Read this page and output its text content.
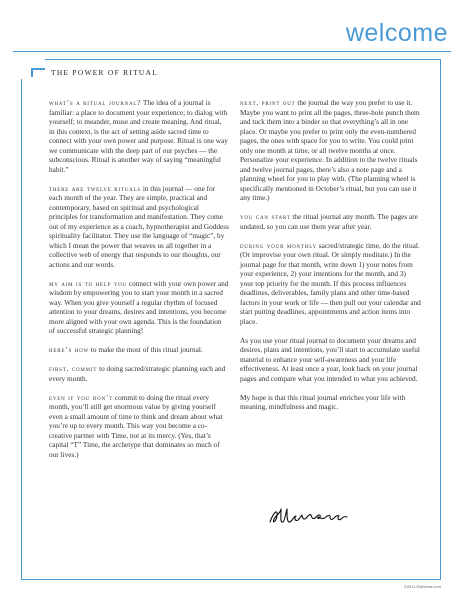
welcome
THE POWER OF RITUAL

what’s a ritual journal? The idea of a journal is familiar: a place to document your experience; to dialog with yourself; to meander, muse and create meaning. And ritual, in this context, is the act of setting aside sacred time to connect with your own power and purpose. Ritual is one way we communicate with the deep part of our psyches — the subconscious. Ritual is another way of saying “meaningful habit.”

there are twelve rituals in this journal — one for each month of the year. They are simple, practical and contemporary, based on spiritual and psychological principles for transformation and manifestation. They come out of my experience as a coach, hypnotherapist and Goddess spirituality facilitator. They use the language of “magic”, by which I mean the power that weaves us all together in a collective web of energy that responds to our thoughts, our actions and our words.

my aim is to help you connect with your own power and wisdom by empowering you to start your month in a sacred way. When you give yourself a regular rhythm of focused attention to your dreams, desires and intentions, you become more aligned with your own agenda. This is the foundation of successful strategic planning!

here’s how to make the most of this ritual journal.

first, commit to doing sacred/strategic planning each and every month.

even if you don’t commit to doing the ritual every month, you’ll still get enormous value by giving yourself even a small amount of time to think and dream about what you’re up to every month. This way you become a co-creative partner with Time, not at its mercy. (Yes, that’s capital “T” Time, the archetype that dominates so much of our lives.)

next, print out the journal the way you prefer to use it. Maybe you want to print all the pages, three-hole punch them and tuck them into a binder so that everything’s all in one place. Or maybe you prefer to print only the even-numbered pages, the ones with space for you to write. You could print only one month at time, or all twelve months at once. Personalize your experience. In addition to the twelve rituals and twelve journal pages, there’s also a note page and a planning wheel for you to play with. (The planning wheel is specifically mentioned in October’s ritual, but you can use it any time.)

you can start the ritual journal any month. The pages are undated, so you can use them year after year.

during your monthly sacred/strategic time, do the ritual. (Or improvise your own ritual. Or simply meditate.) In the journal page for that month, write down 1) your notes from your experience, 2) your intentions for the month, and 3) your top priority for the month. If this process influences deadlines, deliverables, family plans and other time-based factors in your work or life — then pull out your calendar and start putting deadlines, appointments and action items into place.

As you use your ritual journal to document your dreams and desires, plans and intentions, you’ll start to accumulate useful material to enhance your self-awareness and your life effectiveness. At least once a year, look back on your journal pages and compare what you intended to what you achieved.

My hope is that this ritual journal enriches your life with meaning, mindfulness and magic.

©2011 EllaVeira.com
